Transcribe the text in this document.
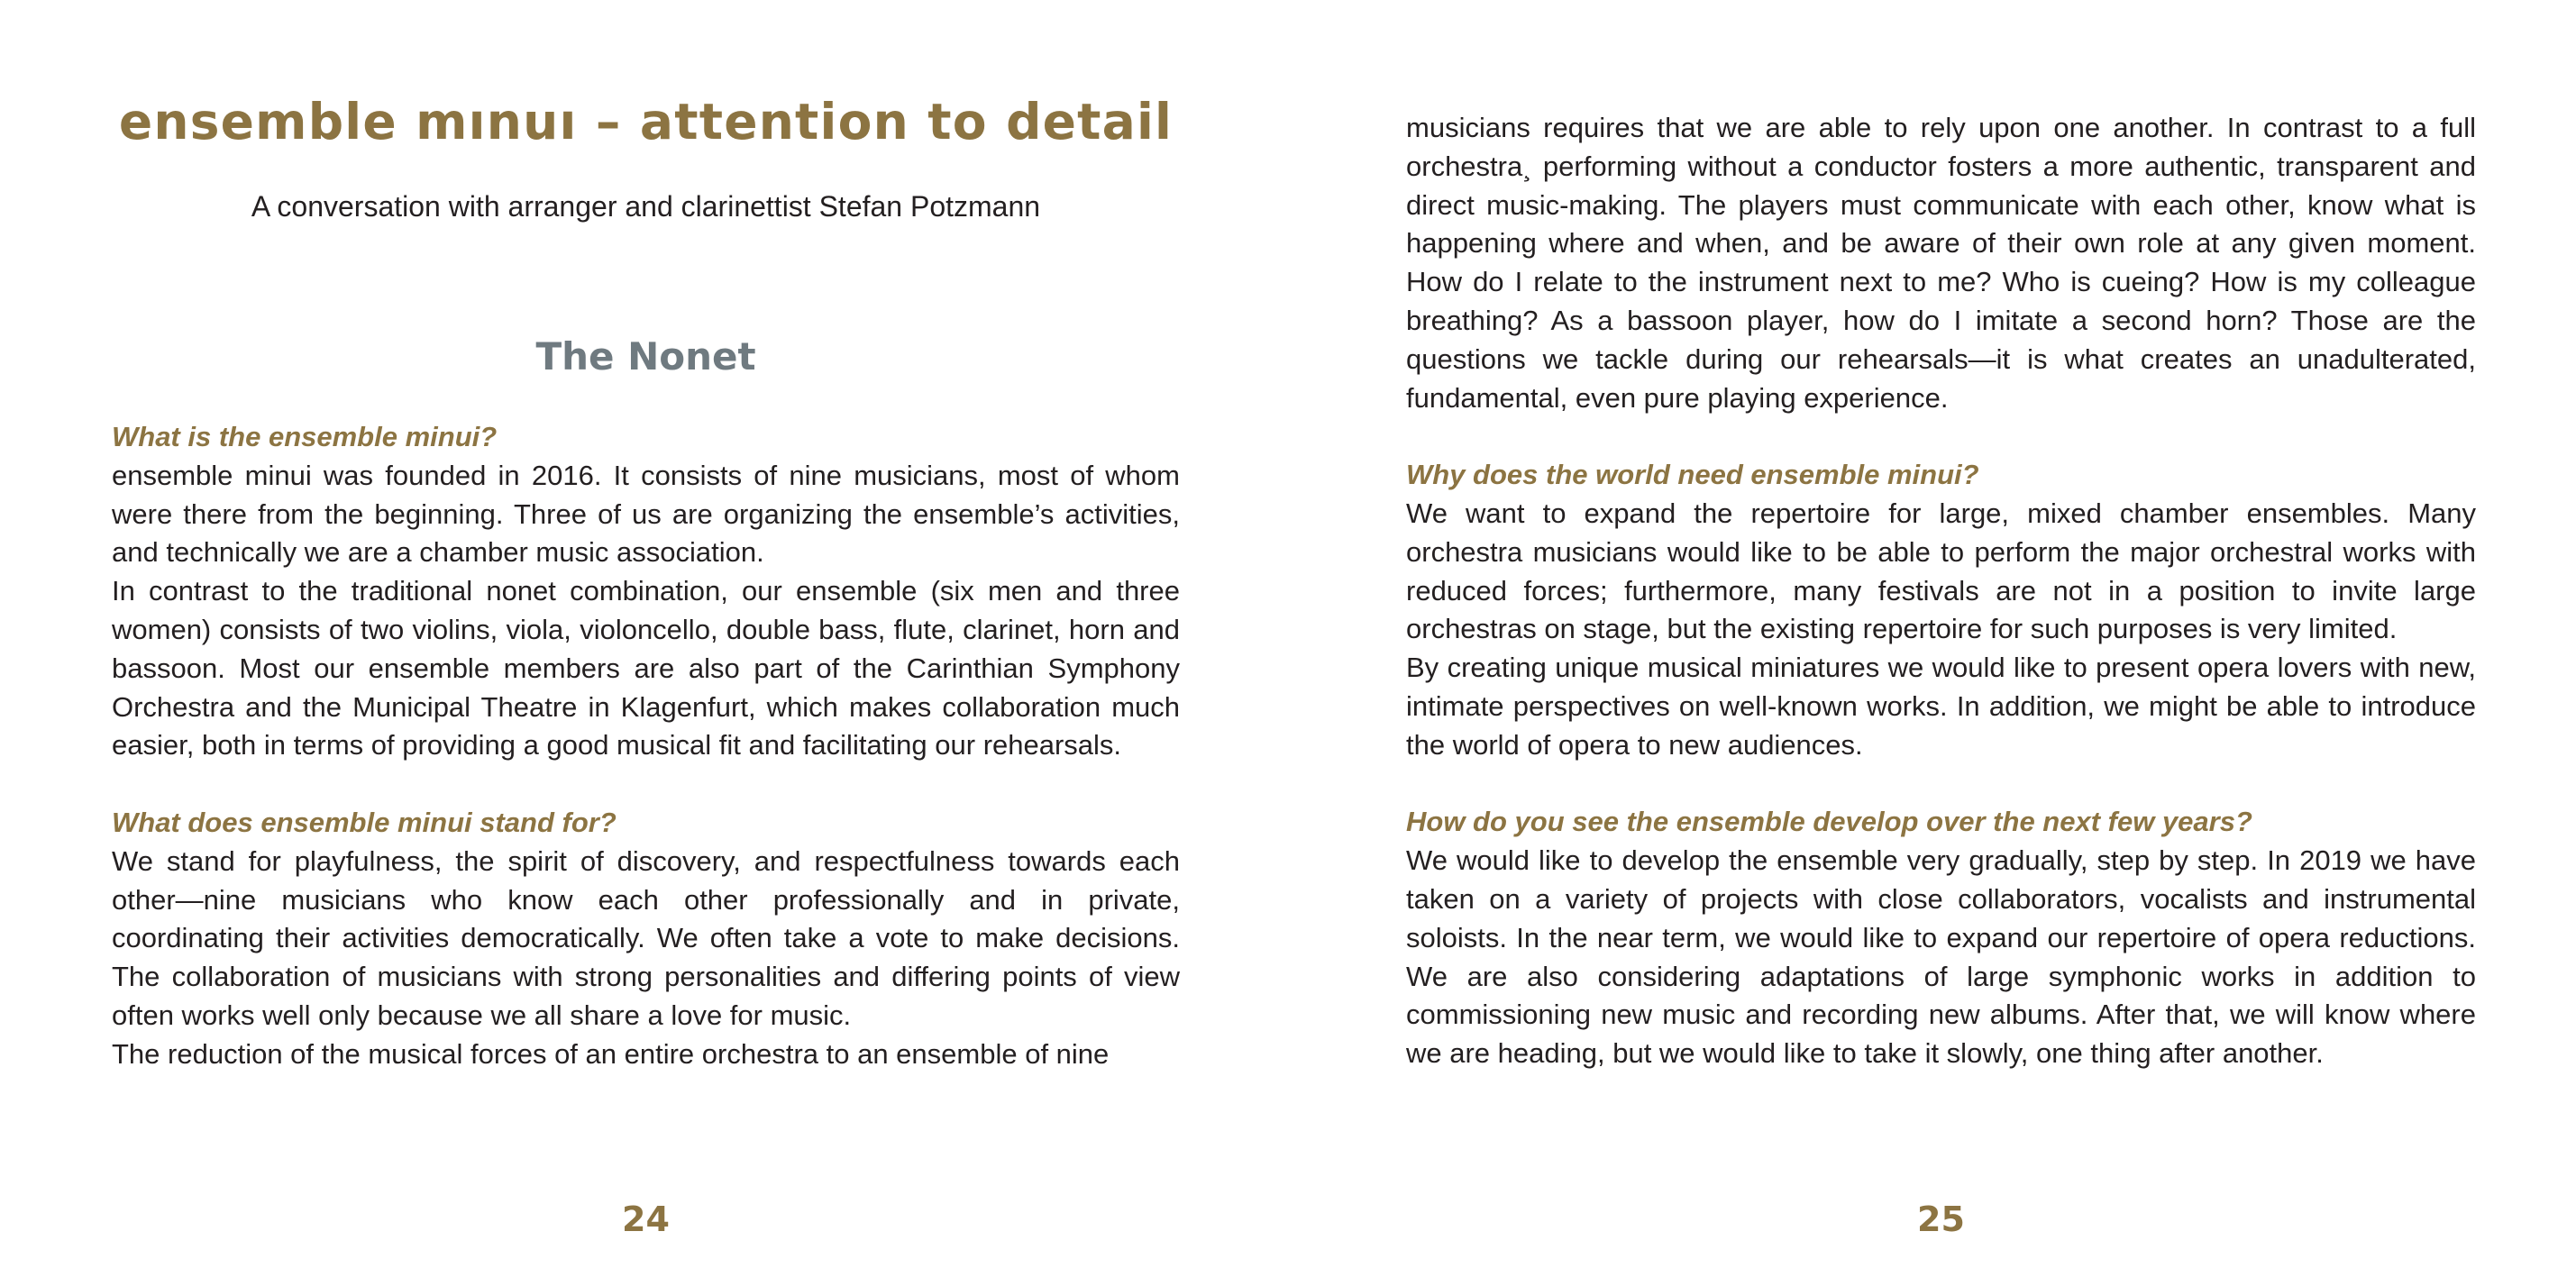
ensemble mınuı – attention to detail

A conversation with arranger and clarinettist Stefan Potzmann

The Nonet

What is the ensemble minui?

ensemble minui was founded in 2016. It consists of nine musicians, most of whom were there from the beginning. Three of us are organizing the ensemble’s activities, and technically we are a chamber music association.

In contrast to the traditional nonet combination, our ensemble (six men and three women) consists of two violins, viola, violoncello, double bass, flute, clarinet, horn and bassoon. Most our ensemble members are also part of the Carinthian Symphony Orchestra and the Municipal Theatre in Klagenfurt, which makes collaboration much easier, both in terms of providing a good musical fit and facilitating our rehearsals.

What does ensemble minui stand for?

We stand for playfulness, the spirit of discovery, and respectfulness towards each other—nine musicians who know each other professionally and in private, coordinating their activities democratically. We often take a vote to make decisions. The collaboration of musicians with strong personalities and differing points of view often works well only because we all share a love for music.

The reduction of the musical forces of an entire orchestra to an ensemble of nine

24

musicians requires that we are able to rely upon one another. In contrast to a full orchestra¸ performing without a conductor fosters a more authentic, transparent and direct music-making. The players must communicate with each other, know what is happening where and when, and be aware of their own role at any given moment. How do I relate to the instrument next to me? Who is cueing? How is my colleague breathing? As a bassoon player, how do I imitate a second horn? Those are the questions we tackle during our rehearsals—it is what creates an unadulterated, fundamental, even pure playing experience.

Why does the world need ensemble minui?

We want to expand the repertoire for large, mixed chamber ensembles. Many orchestra musicians would like to be able to perform the major orchestral works with reduced forces; furthermore, many festivals are not in a position to invite large orchestras on stage, but the existing repertoire for such purposes is very limited.

By creating unique musical miniatures we would like to present opera lovers with new, intimate perspectives on well-known works. In addition, we might be able to introduce the world of opera to new audiences.

How do you see the ensemble develop over the next few years?

We would like to develop the ensemble very gradually, step by step. In 2019 we have taken on a variety of projects with close collaborators, vocalists and instrumental soloists. In the near term, we would like to expand our repertoire of opera reductions. We are also considering adaptations of large symphonic works in addition to commissioning new music and recording new albums. After that, we will know where we are heading, but we would like to take it slowly, one thing after another.

25
